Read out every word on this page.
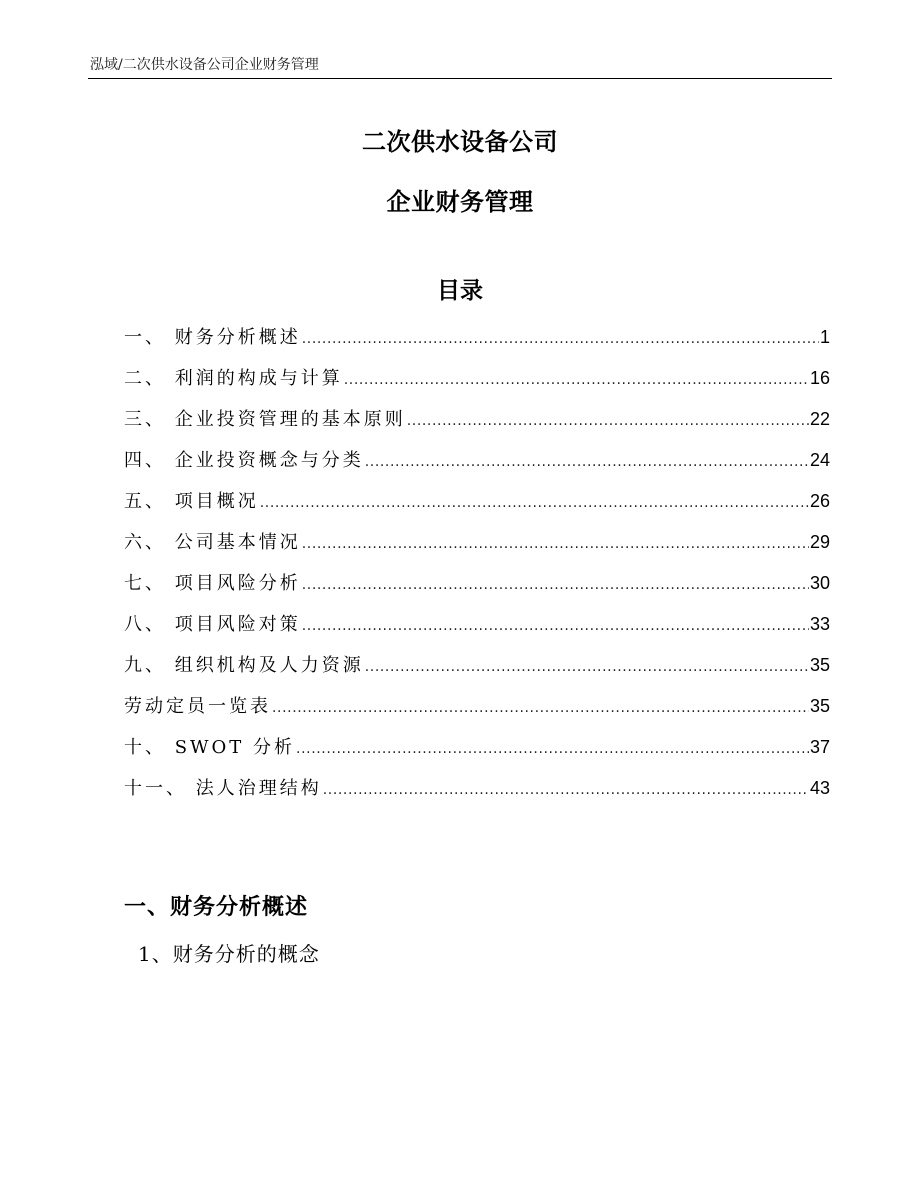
泓域/二次供水设备公司企业财务管理
二次供水设备公司
企业财务管理
目录
一、 财务分析概述 .....	1
二、 利润的构成与计算 .....	16
三、 企业投资管理的基本原则 .....	22
四、 企业投资概念与分类 .....	24
五、 项目概况 .....	26
六、 公司基本情况 .....	29
七、 项目风险分析 .....	30
八、 项目风险对策 .....	33
九、 组织机构及人力资源 .....	35
劳动定员一览表 .....	35
十、 SWOT 分析 .....	37
十一、 法人治理结构 .....	43
一、财务分析概述
1、财务分析的概念
